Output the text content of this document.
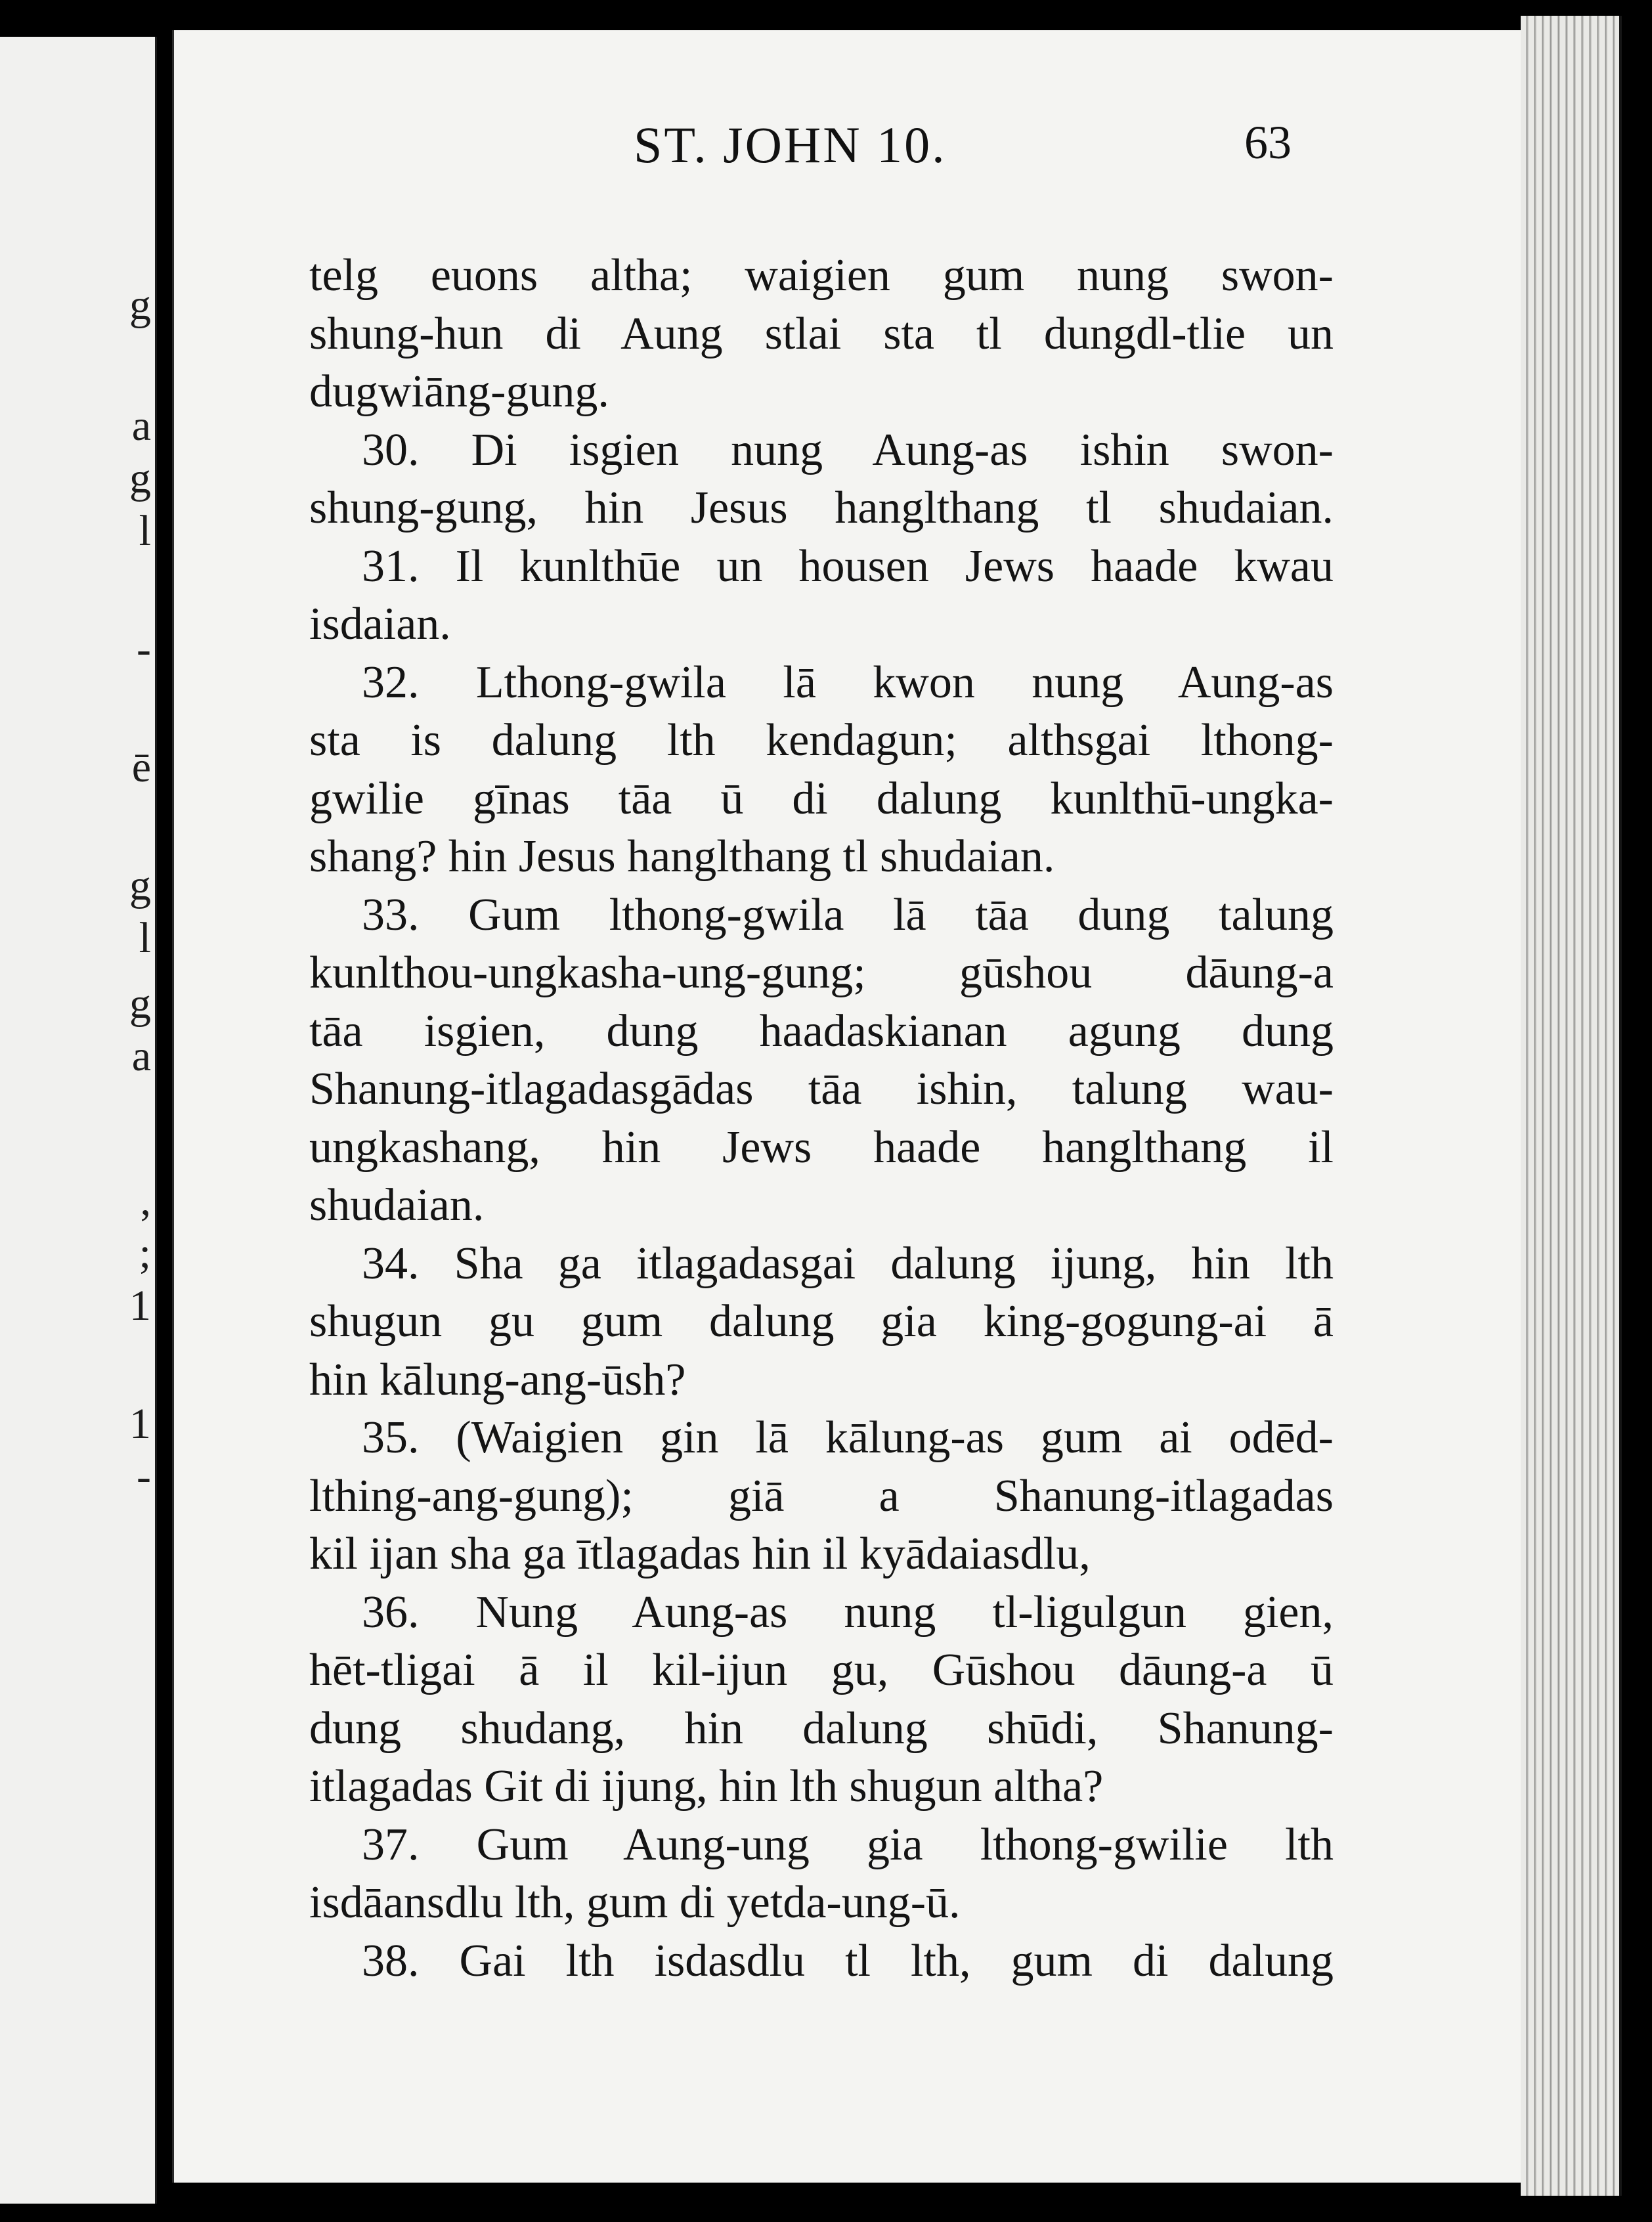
g
a
g
l
-
ē
g
l
g
a
,
;
1
1
-
ST. JOHN 10.	63
telg euons altha; waigien gum nung swon-
shung-hun di Aung stlai sta tl dungdl-tlie un
dugwiāng-gung.
30. Di isgien nung Aung-as ishin swon-
shung-gung, hin Jesus hanglthang tl shudaian.
31. Il kunlthūe un housen Jews haade kwau
isdaian.
32. Lthong-gwila lā kwon nung Aung-as
sta is dalung lth kendagun; althsgai lthong-
gwilie gīnas tāa ū di dalung kunlthū-ungka-
shang? hin Jesus hanglthang tl shudaian.
33. Gum lthong-gwila lā tāa dung talung
kunlthou-ungkasha-ung-gung; gūshou dāung-a
tāa isgien, dung haadaskianan agung dung
Shanung-itlagadasgādas tāa ishin, talung wau-
ungkashang, hin Jews haade hanglthang il
shudaian.
34. Sha ga itlagadasgai dalung ijung, hin lth
shugun gu gum dalung gia king-gogung-ai ā
hin kālung-ang-ūsh?
35. (Waigien gin lā kālung-as gum ai odēd-
lthing-ang-gung); giā a Shanung-itlagadas
kil ijan sha ga ītlagadas hin il kyādaiasdlu,
36. Nung Aung-as nung tl-ligulgun gien,
hēt-tligai ā il kil-ijun gu, Gūshou dāung-a ū
dung shudang, hin dalung shūdi, Shanung-
itlagadas Git di ijung, hin lth shugun altha?
37. Gum Aung-ung gia lthong-gwilie lth
isdāansdlu lth, gum di yetda-ung-ū.
38. Gai lth isdasdlu tl lth, gum di dalung
